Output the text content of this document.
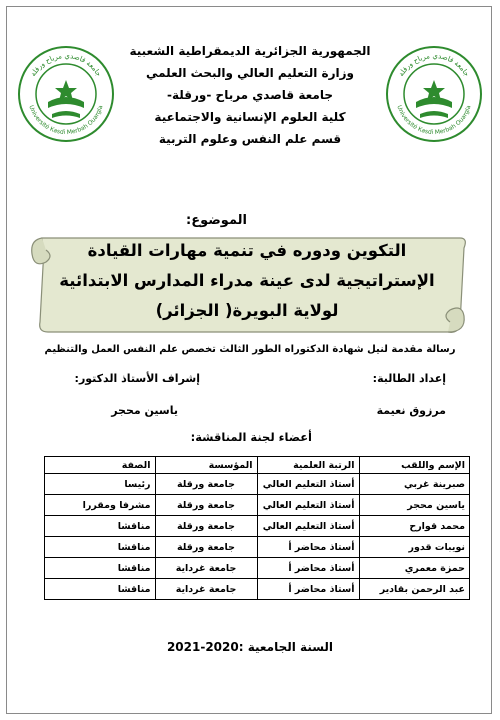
جامعة قاصدي مرباح ورقلة
Université Kasdi Merbah Ouargla
جامعة قاصدي مرباح ورقلة
Université Kasdi Merbah Ouargla
الجمهورية الجزائرية الديمقراطية الشعبية
وزارة التعليم العالي والبحث العلمي
جامعة قاصدي مرباح -ورقلة-
كلية العلوم الإنسانية والاجتماعية
قسم علم النفس وعلوم التربية
الموضوع:
التكوين ودوره في تنمية مهارات القيادة
الإستراتيجية لدى عينة مدراء المدارس الابتدائية
لولاية البويرة( الجزائر)
رسالة مقدمة لنيل شهادة الدكتوراه الطور الثالث تخصص علم النفس العمل والتنظيم
إعداد الطالبة:
إشراف الأستاذ الدكتور:
مرزوق نعيمة
ياسين محجر
أعضاء لجنة المناقشة:
الإسم واللقب	الرتبة العلمية	المؤسسة	الصفة
صبرينة غربي	أستاذ التعليم العالي	جامعة ورقلة	رئيسا
ياسين محجر	أستاذ التعليم العالي	جامعة ورقلة	مشرفا ومقررا
محمد قوارح	أستاذ التعليم العالي	جامعة ورقلة	مناقشا
نويبات قدور	أستاذ محاضر أ	جامعة ورقلة	مناقشا
حمزة معمري	أستاذ محاضر أ	جامعة غرداية	مناقشا
عبد الرحمن بقادير	أستاذ محاضر أ	جامعة غرداية	مناقشا
السنة الجامعية :2020-2021
